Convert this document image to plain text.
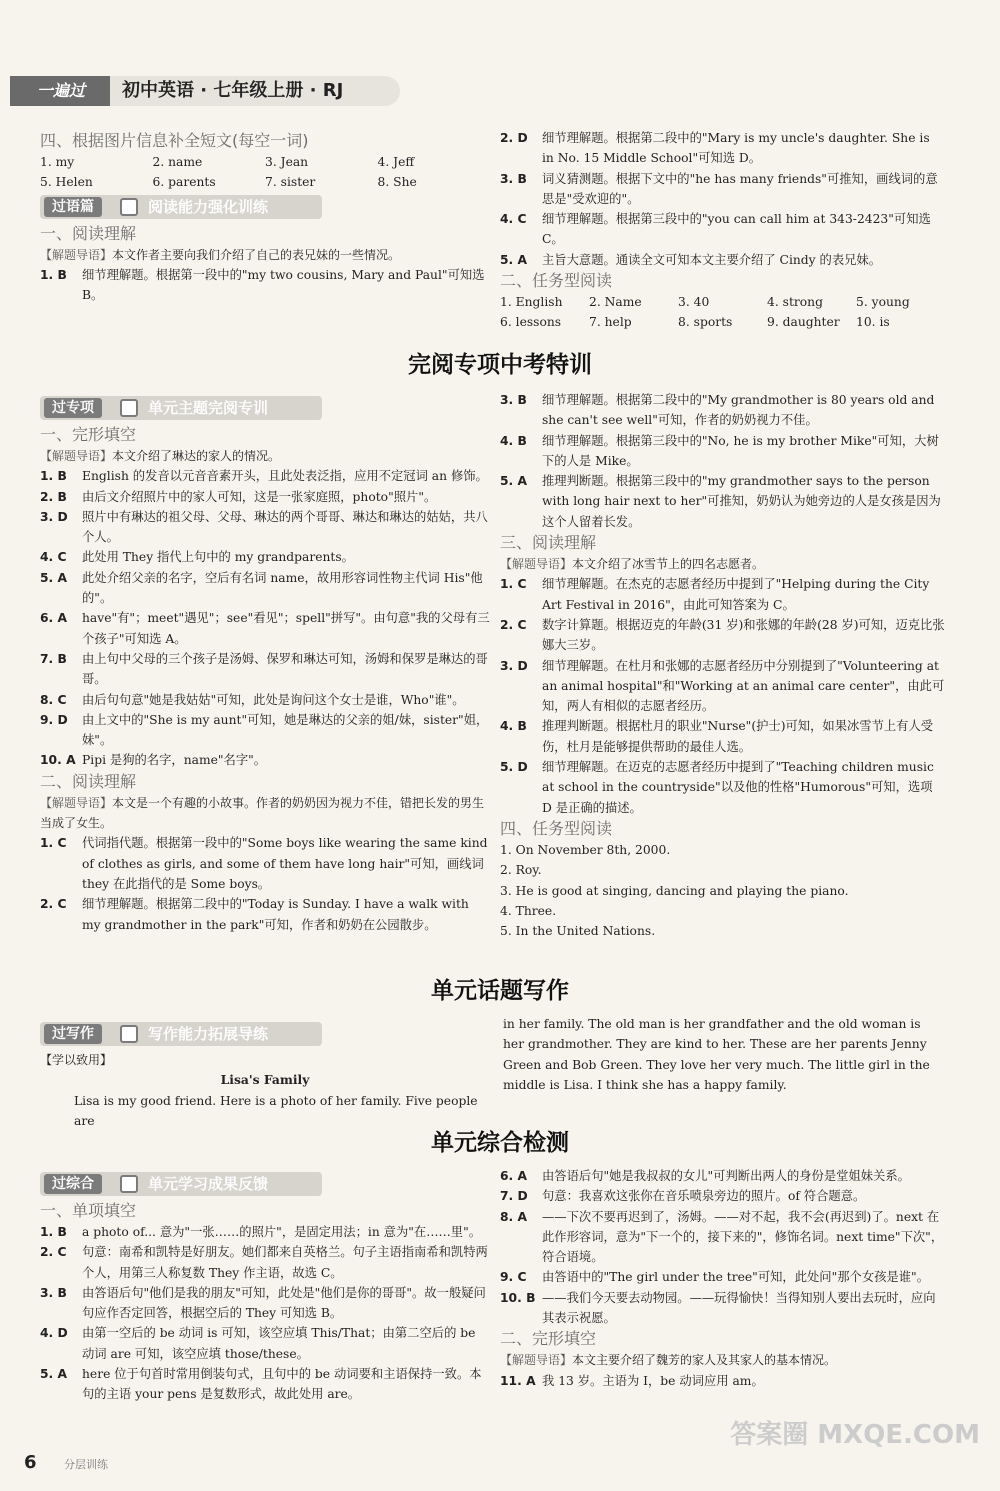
一遍过	初中英语 · 七年级上册 · RJ
四、根据图片信息补全短文(每空一词)
1. my	2. name	3. Jean	4. Jeff
5. Helen	6. parents	7. sister	8. She
过语篇	阅读能力强化训练
一、阅读理解
【解题导语】本文作者主要向我们介绍了自己的表兄妹的一些情况。
1. B	细节理解题。根据第一段中的"my two cousins, Mary and Paul"可知选 B。
2. D	细节理解题。根据第二段中的"Mary is my uncle's daughter. She is in No. 15 Middle School"可知选 D。
3. B	词义猜测题。根据下文中的"he has many friends"可推知，画线词的意思是"受欢迎的"。
4. C	细节理解题。根据第三段中的"you can call him at 343-2423"可知选 C。
5. A	主旨大意题。通读全文可知本文主要介绍了 Cindy 的表兄妹。
二、任务型阅读
1. English	2. Name	3. 40	4. strong	5. young
6. lessons	7. help	8. sports	9. daughter	10. is
完阅专项中考特训
过专项	单元主题完阅专训
一、完形填空
【解题导语】本文介绍了琳达的家人的情况。
1. B	English 的发音以元音音素开头，且此处表泛指，应用不定冠词 an 修饰。
2. B	由后文介绍照片中的家人可知，这是一张家庭照，photo"照片"。
3. D	照片中有琳达的祖父母、父母、琳达的两个哥哥、琳达和琳达的姑姑，共八个人。
4. C	此处用 They 指代上句中的 my grandparents。
5. A	此处介绍父亲的名字，空后有名词 name，故用形容词性物主代词 His"他的"。
6. A	have"有"；meet"遇见"；see"看见"；spell"拼写"。由句意"我的父母有三个孩子"可知选 A。
7. B	由上句中父母的三个孩子是汤姆、保罗和琳达可知，汤姆和保罗是琳达的哥哥。
8. C	由后句句意"她是我姑姑"可知，此处是询问这个女士是谁，Who"谁"。
9. D	由上文中的"She is my aunt"可知，她是琳达的父亲的姐/妹，sister"姐，妹"。
10. A Pipi 是狗的名字，name"名字"。
二、阅读理解
【解题导语】本文是一个有趣的小故事。作者的奶奶因为视力不佳，错把长发的男生当成了女生。
1. C	代词指代题。根据第一段中的"Some boys like wearing the same kind of clothes as girls, and some of them have long hair"可知，画线词 they 在此指代的是 Some boys。
2. C	细节理解题。根据第二段中的"Today is Sunday. I have a walk with my grandmother in the park"可知，作者和奶奶在公园散步。
3. B	细节理解题。根据第二段中的"My grandmother is 80 years old and she can't see well"可知，作者的奶奶视力不佳。
4. B	细节理解题。根据第三段中的"No, he is my brother Mike"可知，大树下的人是 Mike。
5. A	推理判断题。根据第三段中的"my grandmother says to the person with long hair next to her"可推知，奶奶认为她旁边的人是女孩是因为这个人留着长发。
三、阅读理解
【解题导语】本文介绍了冰雪节上的四名志愿者。
1. C	细节理解题。在杰克的志愿者经历中提到了"Helping during the City Art Festival in 2016"，由此可知答案为 C。
2. C	数字计算题。根据迈克的年龄(31 岁)和张娜的年龄(28 岁)可知，迈克比张娜大三岁。
3. D	细节理解题。在杜月和张娜的志愿者经历中分别提到了"Volunteering at an animal hospital"和"Working at an animal care center"，由此可知，两人有相似的志愿者经历。
4. B	推理判断题。根据杜月的职业"Nurse"(护士)可知，如果冰雪节上有人受伤，杜月是能够提供帮助的最佳人选。
5. D	细节理解题。在迈克的志愿者经历中提到了"Teaching children music at school in the countryside"以及他的性格"Humorous"可知，选项 D 是正确的描述。
四、任务型阅读
1. On November 8th, 2000.
2. Roy.
3. He is good at singing, dancing and playing the piano.
4. Three.
5. In the United Nations.
单元话题写作
过写作	写作能力拓展导练
【学以致用】
Lisa's Family
Lisa is my good friend. Here is a photo of her family. Five people are
in her family. The old man is her grandfather and the old woman is her grandmother. They are kind to her. These are her parents Jenny Green and Bob Green. They love her very much. The little girl in the middle is Lisa. I think she has a happy family.
单元综合检测
过综合	单元学习成果反馈
一、单项填空
1. B	a photo of... 意为"一张……的照片"，是固定用法；in 意为"在……里"。
2. C	句意：南希和凯特是好朋友。她们都来自英格兰。句子主语指南希和凯特两个人，用第三人称复数 They 作主语，故选 C。
3. B	由答语后句"他们是我的朋友"可知，此处是"他们是你的哥哥"。故一般疑问句应作否定回答，根据空后的 They 可知选 B。
4. D	由第一空后的 be 动词 is 可知，该空应填 This/That；由第二空后的 be 动词 are 可知，该空应填 those/these。
5. A	here 位于句首时常用倒装句式，且句中的 be 动词要和主语保持一致。本句的主语 your pens 是复数形式，故此处用 are。
6. A	由答语后句"她是我叔叔的女儿"可判断出两人的身份是堂姐妹关系。
7. D	句意：我喜欢这张你在音乐喷泉旁边的照片。of 符合题意。
8. A	——下次不要再迟到了，汤姆。——对不起，我不会(再迟到)了。next 在此作形容词，意为"下一个的，接下来的"，修饰名词。next time"下次"，符合语境。
9. C	由答语中的"The girl under the tree"可知，此处问"那个女孩是谁"。
10. B ——我们今天要去动物园。——玩得愉快！当得知别人要出去玩时，应向其表示祝愿。
二、完形填空
【解题导语】本文主要介绍了魏芳的家人及其家人的基本情况。
11. A 我 13 岁。主语为 I，be 动词应用 am。
6 分层训练
答案圈 MXQE.COM
